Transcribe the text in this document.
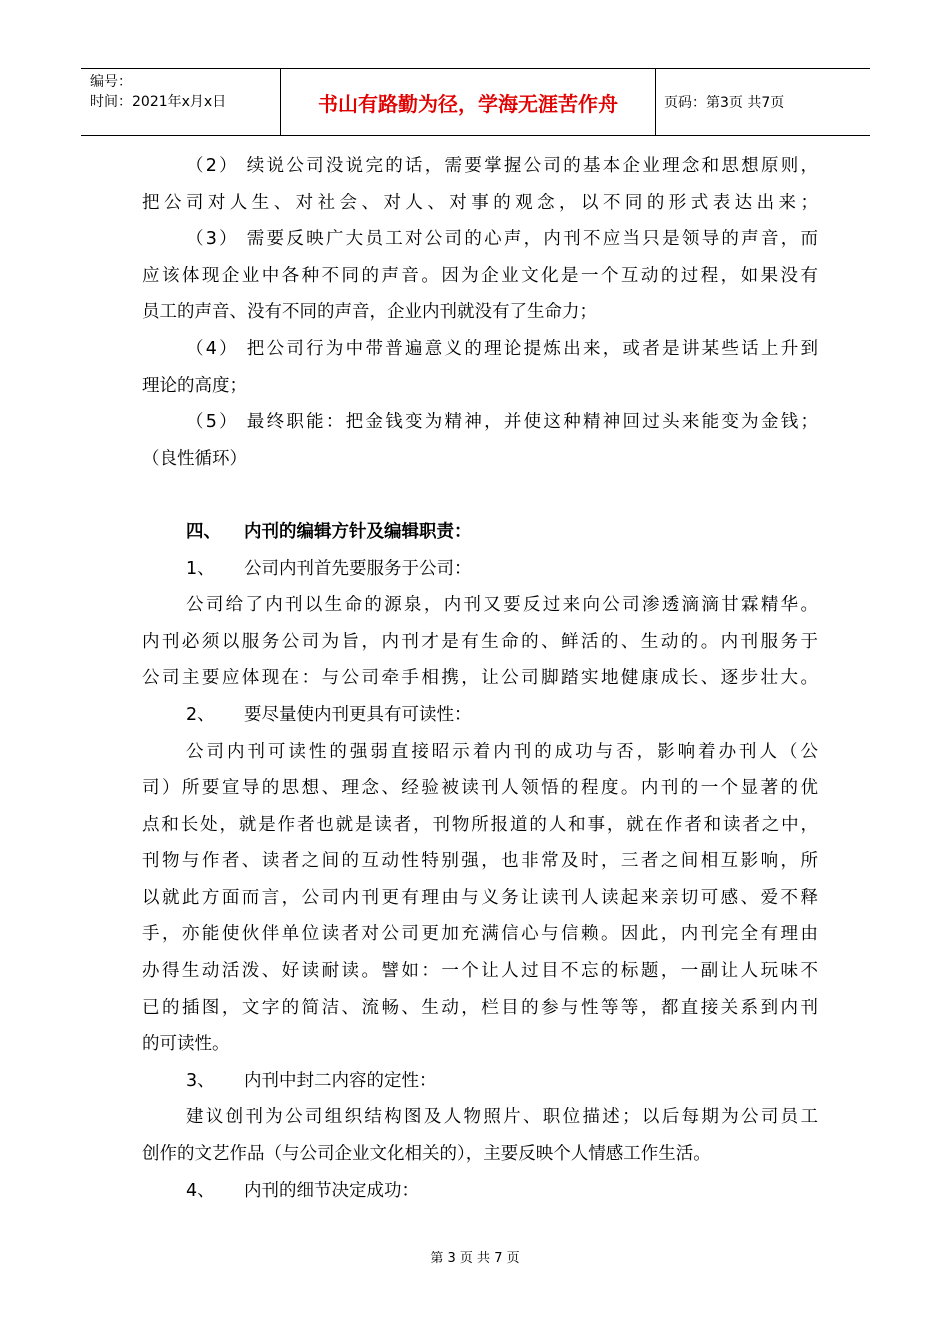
编号：
时间：2021年x月x日	书山有路勤为径，学海无涯苦作舟	页码：第3页 共7页
（2） 续说公司没说完的话，需要掌握公司的基本企业理念和思想原则，
把公司对人生、对社会、对人、对事的观念，以不同的形式表达出来；
（3） 需要反映广大员工对公司的心声，内刊不应当只是领导的声音，而
应该体现企业中各种不同的声音。因为企业文化是一个互动的过程，如果没有
员工的声音、没有不同的声音，企业内刊就没有了生命力；
（4） 把公司行为中带普遍意义的理论提炼出来，或者是讲某些话上升到
理论的高度；
（5） 最终职能：把金钱变为精神，并使这种精神回过头来能变为金钱；
（良性循环）
四、 内刊的编辑方针及编辑职责：
1、 公司内刊首先要服务于公司：
公司给了内刊以生命的源泉，内刊又要反过来向公司渗透滴滴甘霖精华。
内刊必须以服务公司为旨，内刊才是有生命的、鲜活的、生动的。内刊服务于
公司主要应体现在：与公司牵手相携，让公司脚踏实地健康成长、逐步壮大。
2、 要尽量使内刊更具有可读性：
公司内刊可读性的强弱直接昭示着内刊的成功与否，影响着办刊人（公
司）所要宣导的思想、理念、经验被读刊人领悟的程度。内刊的一个显著的优
点和长处，就是作者也就是读者，刊物所报道的人和事，就在作者和读者之中，
刊物与作者、读者之间的互动性特别强，也非常及时，三者之间相互影响，所
以就此方面而言，公司内刊更有理由与义务让读刊人读起来亲切可感、爱不释
手，亦能使伙伴单位读者对公司更加充满信心与信赖。因此，内刊完全有理由
办得生动活泼、好读耐读。譬如：一个让人过目不忘的标题，一副让人玩味不
已的插图，文字的简洁、流畅、生动，栏目的参与性等等，都直接关系到内刊
的可读性。
3、 内刊中封二内容的定性：
建议创刊为公司组织结构图及人物照片、职位描述；以后每期为公司员工
创作的文艺作品（与公司企业文化相关的），主要反映个人情感工作生活。
4、 内刊的细节决定成功：
第 3 页 共 7 页
